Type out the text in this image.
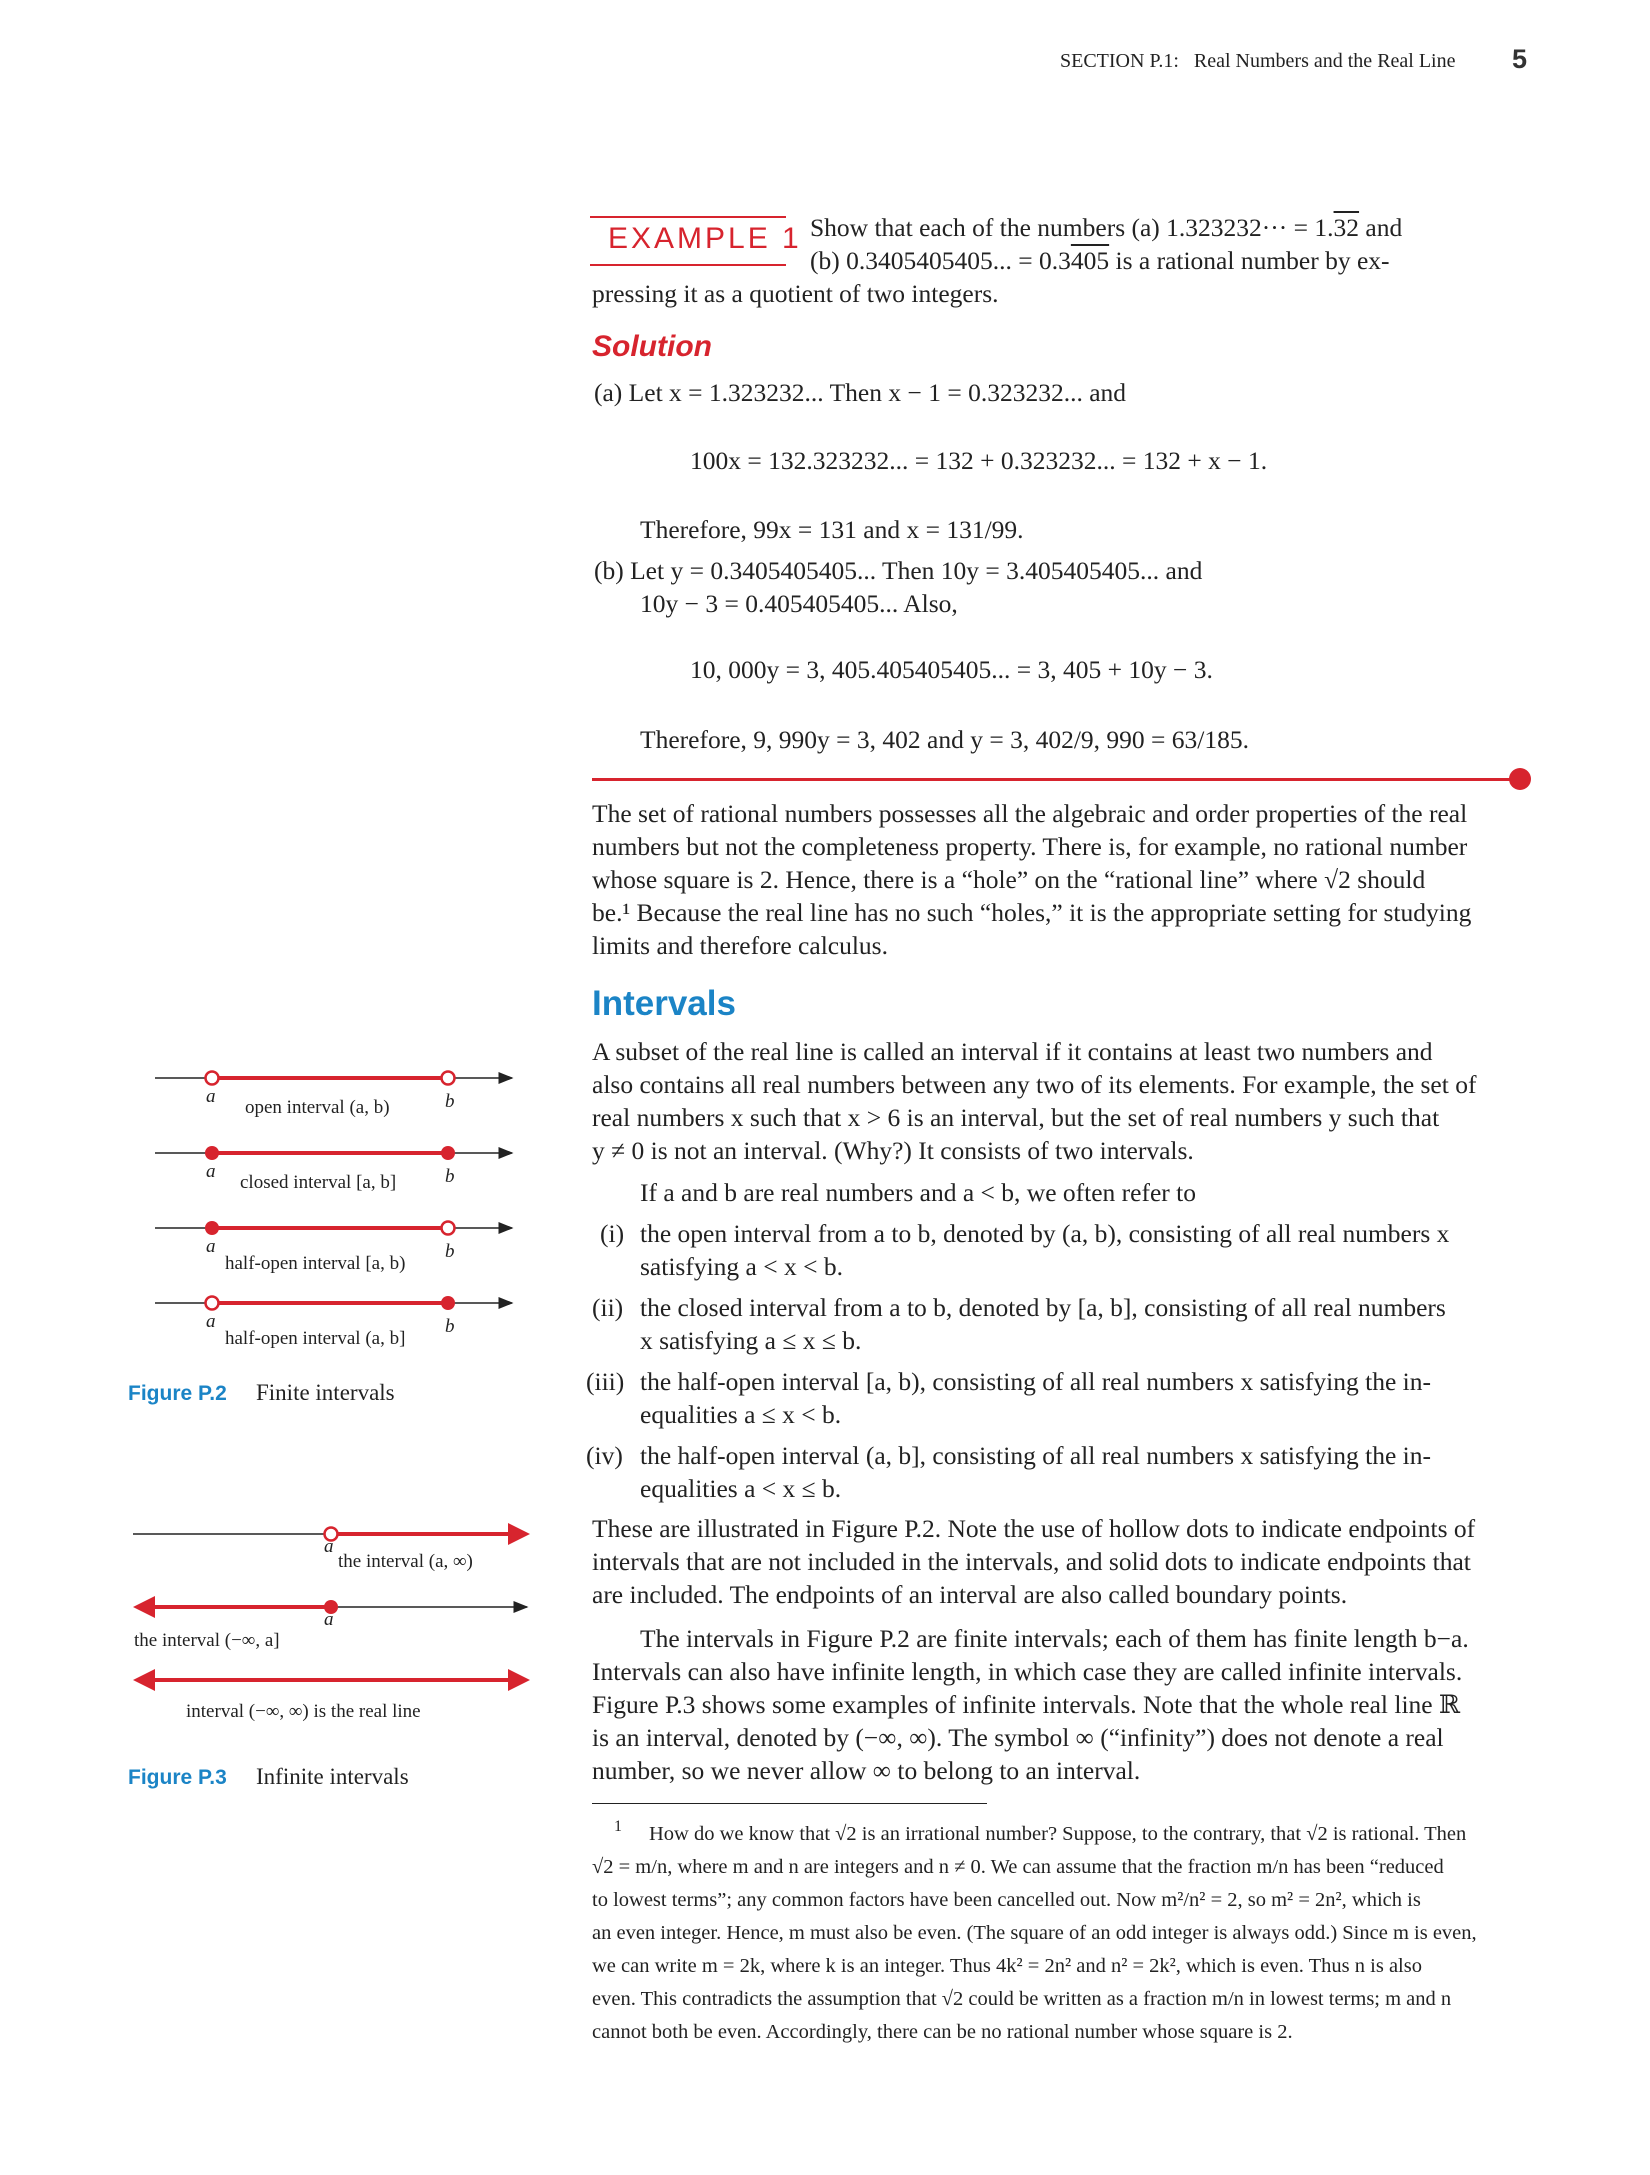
SECTION P.1: Real Numbers and the Real Line 5
EXAMPLE 1 Show that each of the numbers (a) 1.323232··· = 1.32 and
(b) 0.3405405405... = 0.3405 is a rational number by ex-
pressing it as a quotient of two integers.
Solution
(a) Let x = 1.323232... Then x − 1 = 0.323232... and
100x = 132.323232... = 132 + 0.323232... = 132 + x − 1.
Therefore, 99x = 131 and x = 131/99.
(b) Let y = 0.3405405405... Then 10y = 3.405405405... and
10y − 3 = 0.405405405... Also,
10, 000y = 3, 405.405405405... = 3, 405 + 10y − 3.
Therefore, 9, 990y = 3, 402 and y = 3, 402/9, 990 = 63/185.
The set of rational numbers possesses all the algebraic and order properties of the real
numbers but not the completeness property. There is, for example, no rational number
whose square is 2. Hence, there is a “hole” on the “rational line” where √2 should
be.¹ Because the real line has no such “holes,” it is the appropriate setting for studying
limits and therefore calculus.
Intervals
A subset of the real line is called an interval if it contains at least two numbers and
also contains all real numbers between any two of its elements. For example, the set of
real numbers x such that x > 6 is an interval, but the set of real numbers y such that
y ≠ 0 is not an interval. (Why?) It consists of two intervals.
If a and b are real numbers and a < b, we often refer to
(i) the open interval from a to b, denoted by (a, b), consisting of all real numbers x
satisfying a < x < b.
(ii) the closed interval from a to b, denoted by [a, b], consisting of all real numbers
x satisfying a ≤ x ≤ b.
(iii) the half-open interval [a, b), consisting of all real numbers x satisfying the in-
equalities a ≤ x < b.
(iv) the half-open interval (a, b], consisting of all real numbers x satisfying the in-
equalities a < x ≤ b.
These are illustrated in Figure P.2. Note the use of hollow dots to indicate endpoints of
intervals that are not included in the intervals, and solid dots to indicate endpoints that
are included. The endpoints of an interval are also called boundary points.
The intervals in Figure P.2 are finite intervals; each of them has finite length b−a.
Intervals can also have infinite length, in which case they are called infinite intervals.
Figure P.3 shows some examples of infinite intervals. Note that the whole real line ℝ
is an interval, denoted by (−∞, ∞). The symbol ∞ (“infinity”) does not denote a real
number, so we never allow ∞ to belong to an interval.
a	b
open interval (a, b)
a	b
closed interval [a, b]
a	b
half-open interval [a, b)
a	b
half-open interval (a, b]
Figure P.2 Finite intervals
a
the interval (a, ∞)
a
the interval (−∞, a]
interval (−∞, ∞) is the real line
Figure P.3 Infinite intervals
1 How do we know that √2 is an irrational number? Suppose, to the contrary, that √2 is rational. Then
√2 = m/n, where m and n are integers and n ≠ 0. We can assume that the fraction m/n has been “reduced
to lowest terms”; any common factors have been cancelled out. Now m²/n² = 2, so m² = 2n², which is
an even integer. Hence, m must also be even. (The square of an odd integer is always odd.) Since m is even,
we can write m = 2k, where k is an integer. Thus 4k² = 2n² and n² = 2k², which is even. Thus n is also
even. This contradicts the assumption that √2 could be written as a fraction m/n in lowest terms; m and n
cannot both be even. Accordingly, there can be no rational number whose square is 2.
